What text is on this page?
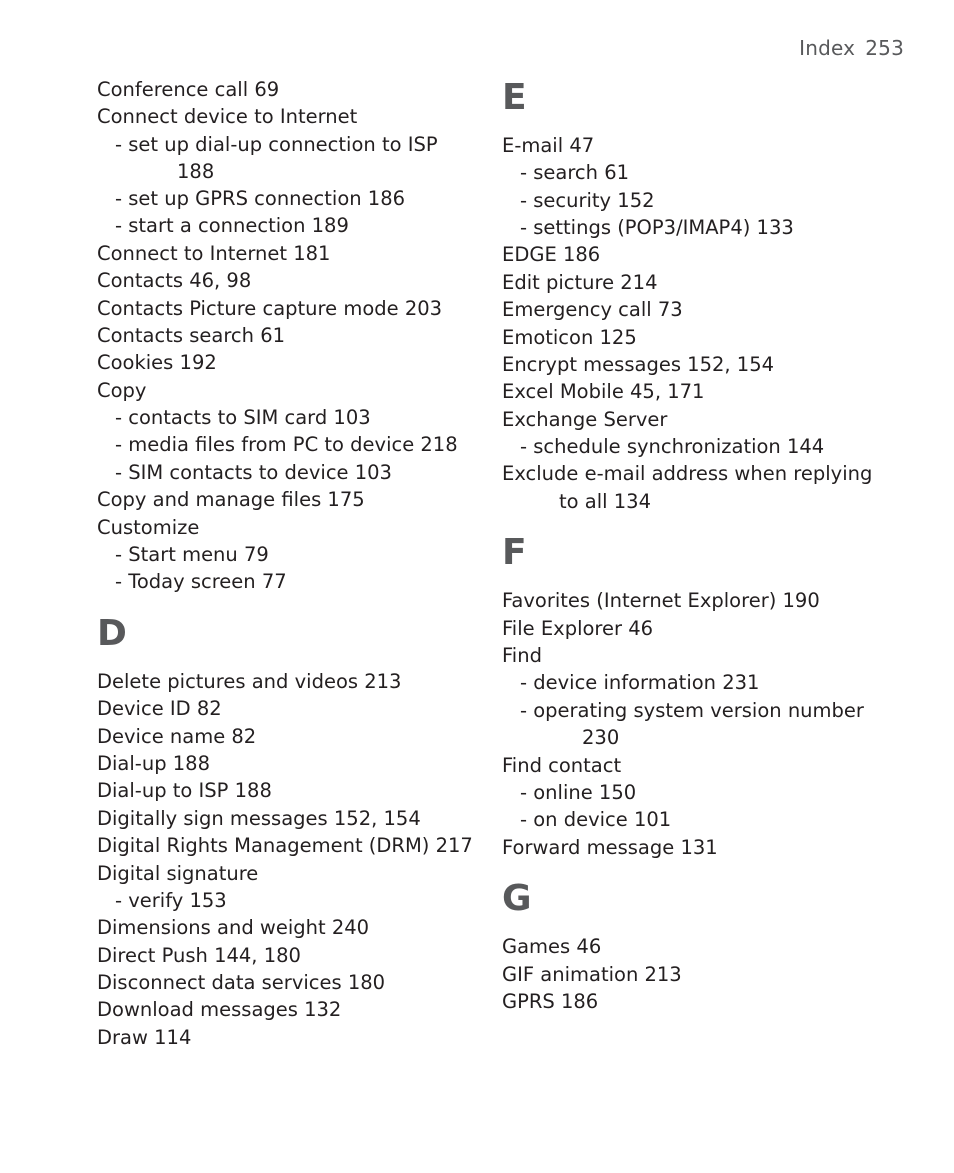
Index 253
Conference call 69
Connect device to Internet
- set up dial-up connection to ISP
188
- set up GPRS connection 186
- start a connection 189
Connect to Internet 181
Contacts 46, 98
Contacts Picture capture mode 203
Contacts search 61
Cookies 192
Copy
- contacts to SIM card 103
- media files from PC to device 218
- SIM contacts to device 103
Copy and manage files 175
Customize
- Start menu 79
- Today screen 77
D
Delete pictures and videos 213
Device ID 82
Device name 82
Dial-up 188
Dial-up to ISP 188
Digitally sign messages 152, 154
Digital Rights Management (DRM) 217
Digital signature
- verify 153
Dimensions and weight 240
Direct Push 144, 180
Disconnect data services 180
Download messages 132
Draw 114
E
E-mail 47
- search 61
- security 152
- settings (POP3/IMAP4) 133
EDGE 186
Edit picture 214
Emergency call 73
Emoticon 125
Encrypt messages 152, 154
Excel Mobile 45, 171
Exchange Server
- schedule synchronization 144
Exclude e-mail address when replying
to all 134
F
Favorites (Internet Explorer) 190
File Explorer 46
Find
- device information 231
- operating system version number
230
Find contact
- online 150
- on device 101
Forward message 131
G
Games 46
GIF animation 213
GPRS 186
